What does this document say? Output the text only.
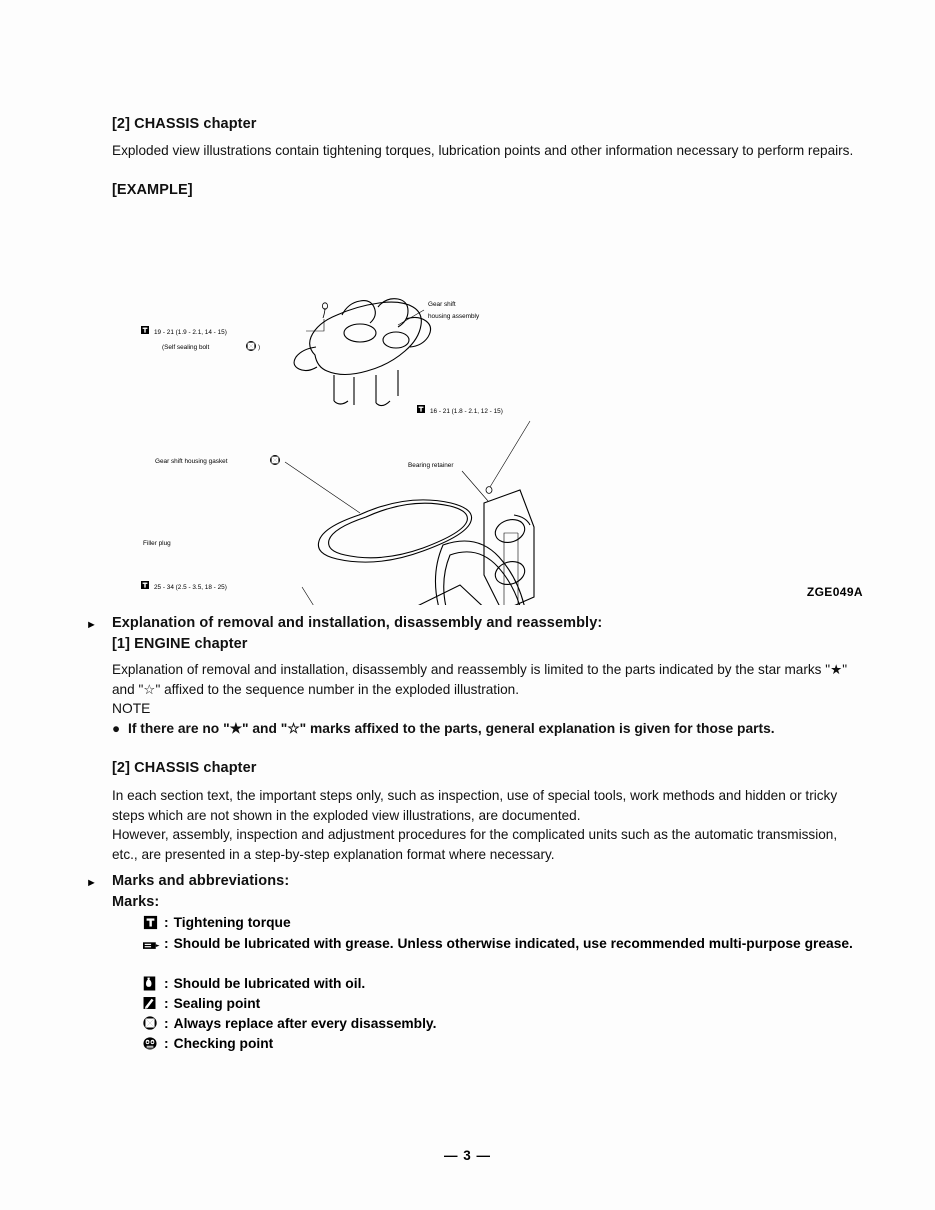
[2] CHASSIS chapter
Exploded view illustrations contain tightening torques, lubrication points and other information necessary to perform repairs.
[EXAMPLE]
19 - 21 (1.9 - 2.1, 14 - 15)
(Self sealing bolt	)
Gear shift housing gasket
Filler plug
25 - 34 (2.5 - 3.5, 18 - 25)
Gear shift
housing assembly
16 - 21 (1.8 - 2.1, 12 - 15)
Bearing retainer
ZGE049A
► Explanation of removal and installation, disassembly and reassembly:
[1] ENGINE chapter
Explanation of removal and installation, disassembly and reassembly is limited to the parts indicated by the star marks "★" and "☆" affixed to the sequence number in the exploded illustration.
NOTE
● If there are no "★" and "☆" marks affixed to the parts, general explanation is given for those parts.
[2] CHASSIS chapter
In each section text, the important steps only, such as inspection, use of special tools, work methods and hidden or tricky steps which are not shown in the exploded view illustrations, are documented.
However, assembly, inspection and adjustment procedures for the complicated units such as the automatic transmission, etc., are presented in a step-by-step explanation format where necessary.
► Marks and abbreviations:
Marks:
: Tightening torque
: Should be lubricated with grease. Unless otherwise indicated, use recommended multi-purpose grease.
: Should be lubricated with oil.
: Sealing point
: Always replace after every disassembly.
: Checking point
— 3 —
